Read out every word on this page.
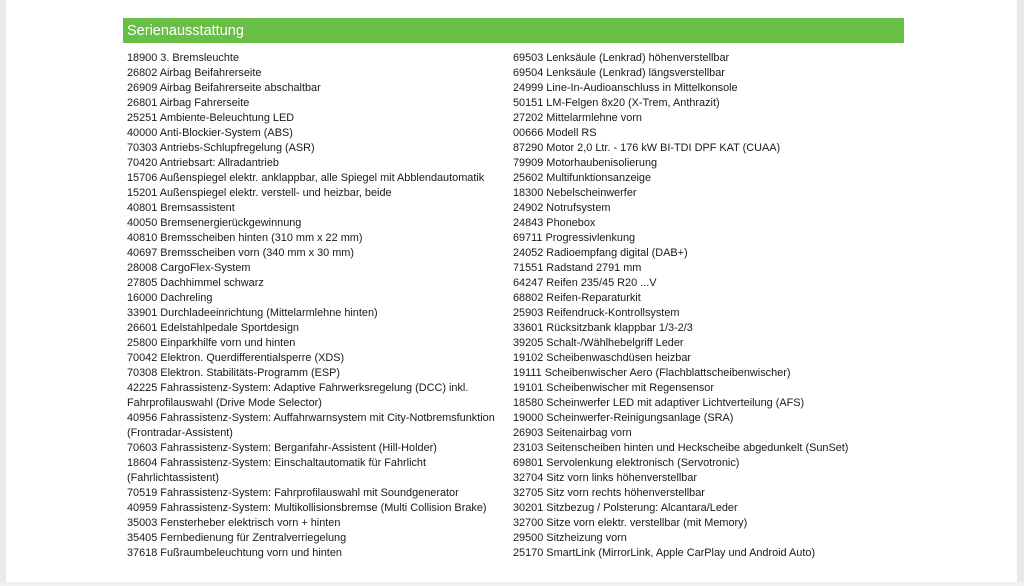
Serienausstattung
18900 3. Bremsleuchte
26802 Airbag Beifahrerseite
26909 Airbag Beifahrerseite abschaltbar
26801 Airbag Fahrerseite
25251 Ambiente-Beleuchtung LED
40000 Anti-Blockier-System (ABS)
70303 Antriebs-Schlupfregelung (ASR)
70420 Antriebsart: Allradantrieb
15706 Außenspiegel elektr. anklappbar, alle Spiegel mit Abblendautomatik
15201 Außenspiegel elektr. verstell- und heizbar, beide
40801 Bremsassistent
40050 Bremsenergierückgewinnung
40810 Bremsscheiben hinten (310 mm x 22 mm)
40697 Bremsscheiben vorn (340 mm x 30 mm)
28008 CargoFlex-System
27805 Dachhimmel schwarz
16000 Dachreling
33901 Durchladeeinrichtung (Mittelarmlehne hinten)
26601 Edelstahlpedale Sportdesign
25800 Einparkhilfe vorn und hinten
70042 Elektron. Querdifferentialsperre (XDS)
70308 Elektron. Stabilitäts-Programm (ESP)
42225 Fahrassistenz-System: Adaptive Fahrwerksregelung (DCC) inkl.
Fahrprofilauswahl (Drive Mode Selector)
40956 Fahrassistenz-System: Auffahrwarnsystem mit City-Notbremsfunktion
(Frontradar-Assistent)
70603 Fahrassistenz-System: Berganfahr-Assistent (Hill-Holder)
18604 Fahrassistenz-System: Einschaltautomatik für Fahrlicht
(Fahrlichtassistent)
70519 Fahrassistenz-System: Fahrprofilauswahl mit Soundgenerator
40959 Fahrassistenz-System: Multikollisionsbremse (Multi Collision Brake)
35003 Fensterheber elektrisch vorn + hinten
35405 Fernbedienung für Zentralverriegelung
37618 Fußraumbeleuchtung vorn und hinten
69503 Lenksäule (Lenkrad) höhenverstellbar
69504 Lenksäule (Lenkrad) längsverstellbar
24999 Line-In-Audioanschluss in Mittelkonsole
50151 LM-Felgen 8x20 (X-Trem, Anthrazit)
27202 Mittelarmlehne vorn
00666 Modell RS
87290 Motor 2,0 Ltr. - 176 kW BI-TDI DPF KAT (CUAA)
79909 Motorhaubenisolierung
25602 Multifunktionsanzeige
18300 Nebelscheinwerfer
24902 Notrufsystem
24843 Phonebox
69711 Progressivlenkung
24052 Radioempfang digital (DAB+)
71551 Radstand 2791 mm
64247 Reifen 235/45 R20 ...V
68802 Reifen-Reparaturkit
25903 Reifendruck-Kontrollsystem
33601 Rücksitzbank klappbar 1/3-2/3
39205 Schalt-/Wählhebelgriff Leder
19102 Scheibenwaschdüsen heizbar
19111 Scheibenwischer Aero (Flachblattscheibenwischer)
19101 Scheibenwischer mit Regensensor
18580 Scheinwerfer LED mit adaptiver Lichtverteilung (AFS)
19000 Scheinwerfer-Reinigungsanlage (SRA)
26903 Seitenairbag vorn
23103 Seitenscheiben hinten und Heckscheibe abgedunkelt (SunSet)
69801 Servolenkung elektronisch (Servotronic)
32704 Sitz vorn links höhenverstellbar
32705 Sitz vorn rechts höhenverstellbar
30201 Sitzbezug / Polsterung: Alcantara/Leder
32700 Sitze vorn elektr. verstellbar (mit Memory)
29500 Sitzheizung vorn
25170 SmartLink (MirrorLink, Apple CarPlay und Android Auto)
